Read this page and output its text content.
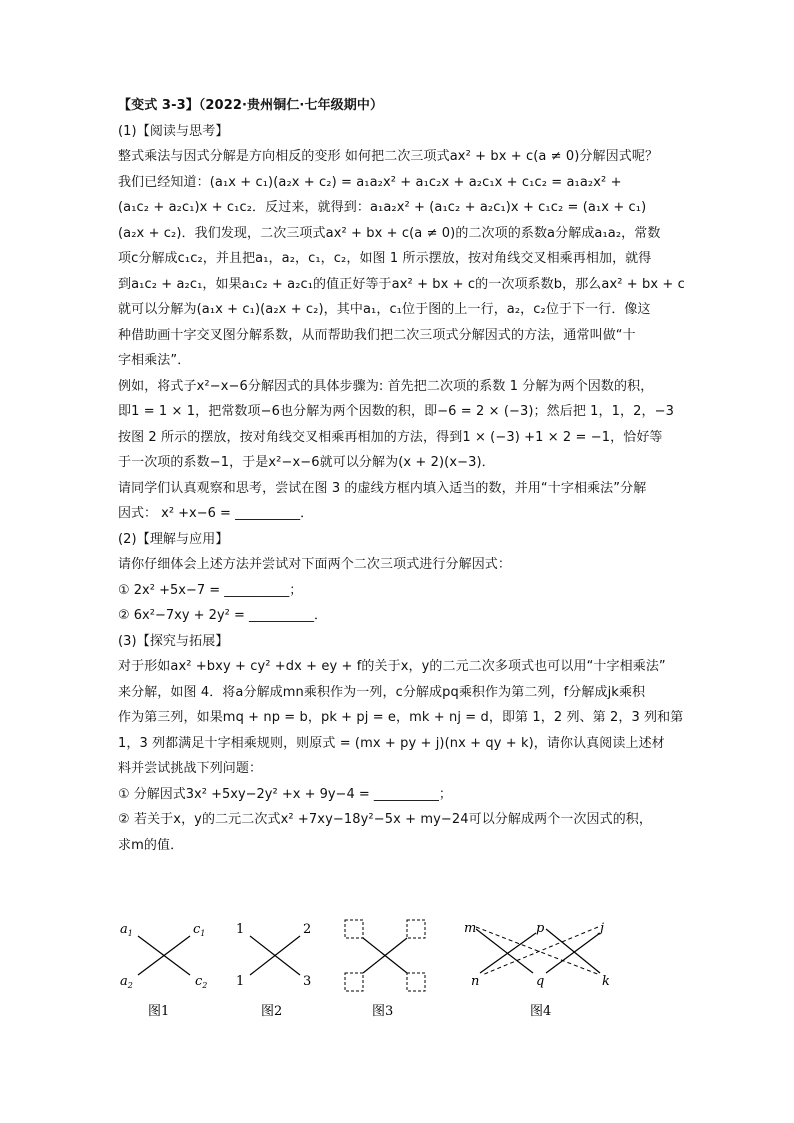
【变式 3-3】（2022·贵州铜仁·七年级期中）
(1)【阅读与思考】
整式乘法与因式分解是方向相反的变形 如何把二次三项式ax² + bx + c(a ≠ 0)分解因式呢？
我们已经知道：(a₁x + c₁)(a₂x + c₂) = a₁a₂x² + a₁c₂x + a₂c₁x + c₁c₂ = a₁a₂x² +
(a₁c₂ + a₂c₁)x + c₁c₂．反过来，就得到：a₁a₂x² + (a₁c₂ + a₂c₁)x + c₁c₂ = (a₁x + c₁)
(a₂x + c₂)．我们发现，二次三项式ax² + bx + c(a ≠ 0)的二次项的系数a分解成a₁a₂，常数
项c分解成c₁c₂，并且把a₁，a₂，c₁，c₂，如图 1 所示摆放，按对角线交叉相乘再相加，就得
到a₁c₂ + a₂c₁，如果a₁c₂ + a₂c₁的值正好等于ax² + bx + c的一次项系数b，那么ax² + bx + c
就可以分解为(a₁x + c₁)(a₂x + c₂)，其中a₁，c₁位于图的上一行，a₂，c₂位于下一行．像这
种借助画十字交叉图分解系数，从而帮助我们把二次三项式分解因式的方法，通常叫做“十
字相乘法”．
例如，将式子x²−x−6分解因式的具体步骤为: 首先把二次项的系数 1 分解为两个因数的积，
即1 = 1 × 1，把常数项−6也分解为两个因数的积，即−6 = 2 × (−3)；然后把 1，1，2，−3
按图 2 所示的摆放，按对角线交叉相乘再相加的方法，得到1 × (−3) +1 × 2 = −1，恰好等
于一次项的系数−1，于是x²−x−6就可以分解为(x + 2)(x−3)．
请同学们认真观察和思考，尝试在图 3 的虚线方框内填入适当的数，并用“十字相乘法”分解
因式： x² +x−6 = __________．
(2)【理解与应用】
请你仔细体会上述方法并尝试对下面两个二次三项式进行分解因式：
① 2x² +5x−7 = __________；
② 6x²−7xy + 2y² = __________．
(3)【探究与拓展】
对于形如ax² +bxy + cy² +dx + ey + f的关于x，y的二元二次多项式也可以用“十字相乘法”
来分解，如图 4．将a分解成mn乘积作为一列，c分解成pq乘积作为第二列，f分解成jk乘积
作为第三列，如果mq + np = b，pk + pj = e，mk + nj = d，即第 1，2 列、第 2，3 列和第
1，3 列都满足十字相乘规则，则原式 = (mx + py + j)(nx + qy + k)，请你认真阅读上述材
料并尝试挑战下列问题：
① 分解因式3x² +5xy−2y² +x + 9y−4 = __________；
② 若关于x，y的二元二次式x² +7xy−18y²−5x + my−24可以分解成两个一次因式的积，
求m的值．
$a_1$	$c_1$
$a_2$	$c_2$
图1
1	2
1	3
图2	图3
m	p	j
n	q	k
图4
